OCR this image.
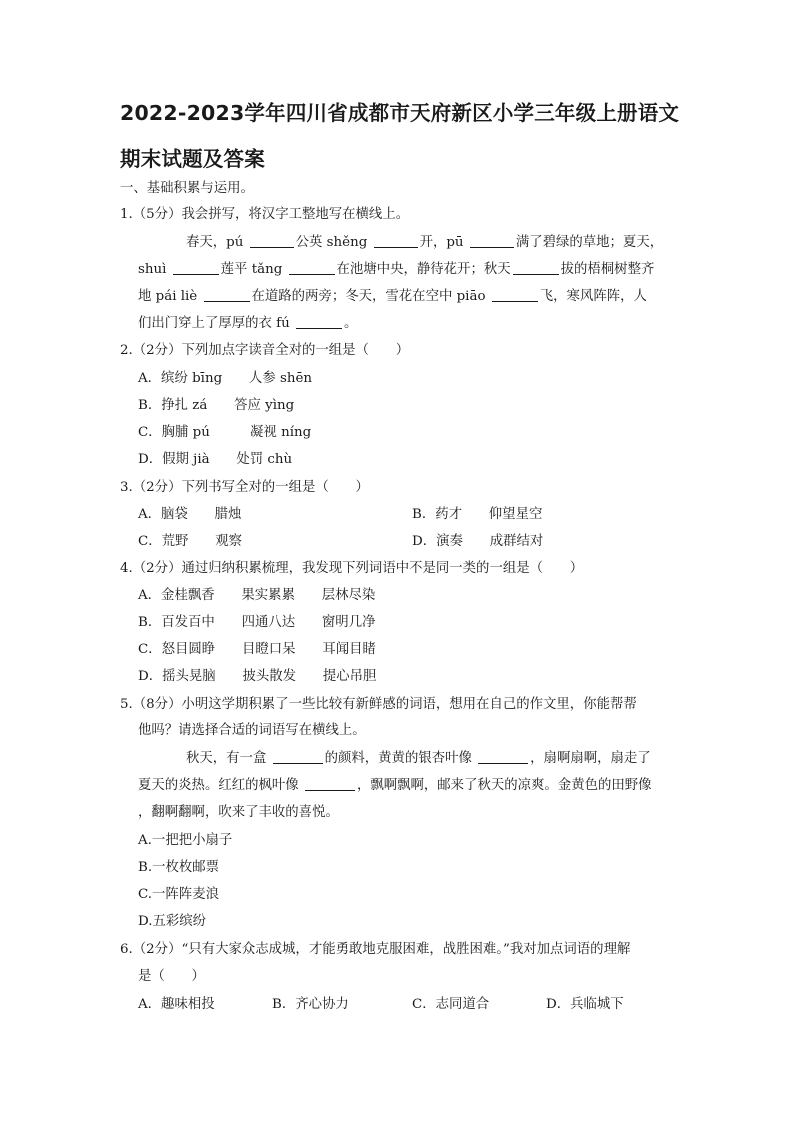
2022-2023学年四川省成都市天府新区小学三年级上册语文
期末试题及答案
一、基础积累与运用。
1.（5分）我会拼写，将汉字工整地写在横线上。
春天，pú	公英 shěng	开，pū	满了碧绿的草地；夏天，
shuì	莲平 tǎng	在池塘中央，静待花开；秋天	拔的梧桐树整齐
地 pái liè	在道路的两旁；冬天，雪花在空中 piāo	飞，寒风阵阵，人
们出门穿上了厚厚的衣 fú	。
2.（2分）下列加点字读音全对的一组是（　　）
A．缤纷 bīng　　人参 shēn
B．挣扎 zá　　答应 yìng
C．胸脯 pú　　　凝视 níng
D．假期 jià　　处罚 chù
3.（2分）下列书写全对的一组是（　　）
A．脑袋　　腊烛	B．药才　　仰望星空
C．荒野　　观察	D．演奏　　成群结对
4.（2分）通过归纳积累梳理，我发现下列词语中不是同一类的一组是（　　）
A．金桂飘香　　果实累累　　层林尽染
B．百发百中　　四通八达　　窗明几净
C．怒目圆睁　　目瞪口呆　　耳闻目睹
D．摇头晃脑　　披头散发　　提心吊胆
5.（8分）小明这学期积累了一些比较有新鲜感的词语，想用在自己的作文里，你能帮帮
他吗？请选择合适的词语写在横线上。
秋天，有一盒	的颜料，黄黄的银杏叶像	，扇啊扇啊，扇走了
夏天的炎热。红红的枫叶像	，飘啊飘啊，邮来了秋天的凉爽。金黄色的田野像
，翻啊翻啊，吹来了丰收的喜悦。
A.一把把小扇子
B.一枚枚邮票
C.一阵阵麦浪
D.五彩缤纷
6.（2分）“只有大家众志成城，才能勇敢地克服困难，战胜困难。”我对加点词语的理解
是（　　）
A．趣味相投	B．齐心协力	C．志同道合	D．兵临城下
